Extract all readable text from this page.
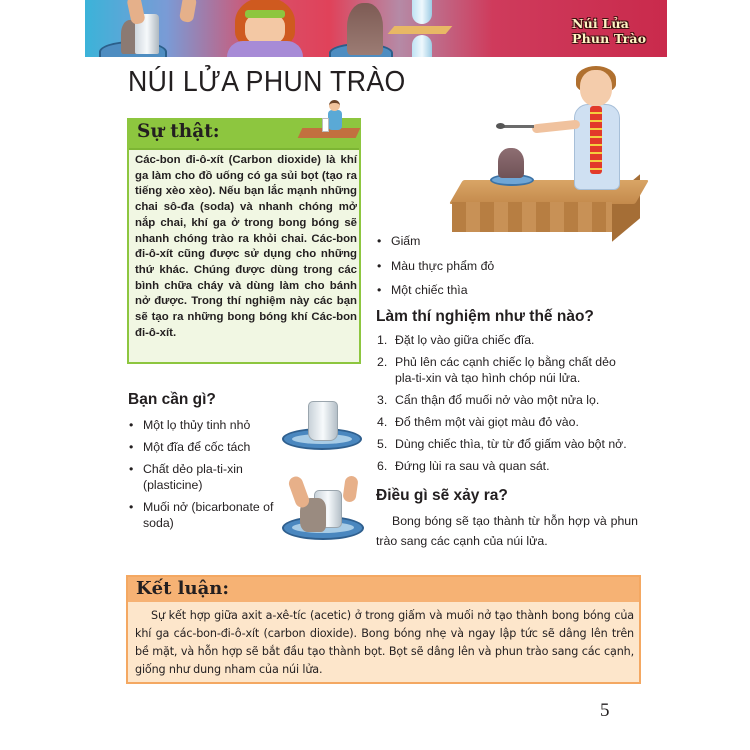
Núi Lửa Phun Trào
NÚI LỬA PHUN TRÀO
Sự thật:
Các-bon đi-ô-xít (Carbon dioxide) là khí ga làm cho đồ uống có ga sủi bọt (tạo ra tiếng xèo xèo). Nếu bạn lắc mạnh những chai sô-đa (soda) và nhanh chóng mở nắp chai, khí ga ở trong bong bóng sẽ nhanh chóng trào ra khỏi chai. Các-bon đi-ô-xít cũng được sử dụng cho những thứ khác. Chúng được dùng trong các bình chữa cháy và dùng làm cho bánh nở được. Trong thí nghiệm này các bạn sẽ tạo ra những bong bóng khí Các-bon đi-ô-xít.
Bạn cần gì?
• Một lọ thủy tinh nhỏ
• Một đĩa để cốc tách
• Chất dẻo pla-ti-xin (plasticine)
• Muối nở (bicarbonate of soda)
• Giấm
• Màu thực phẩm đỏ
• Một chiếc thìa
Làm thí nghiệm như thế nào?
1. Đặt lọ vào giữa chiếc đĩa.
2. Phủ lên các cạnh chiếc lọ bằng chất dẻo pla-ti-xin và tạo hình chóp núi lửa.
3. Cẩn thận đổ muối nở vào một nửa lọ.
4. Đổ thêm một vài giọt màu đỏ vào.
5. Dùng chiếc thìa, từ từ đổ giấm vào bột nở.
6. Đứng lùi ra sau và quan sát.
Điều gì sẽ xảy ra?

Bong bóng sẽ tạo thành từ hỗn hợp và phun trào sang các cạnh của núi lửa.

Kết luận:
Sự kết hợp giữa axit a-xê-tíc (acetic) ở trong giấm và muối nở tạo thành bong bóng của khí ga các-bon-đi-ô-xít (carbon dioxide). Bong bóng nhẹ và ngay lập tức sẽ dâng lên trên bề mặt, và hỗn hợp sẽ bắt đầu tạo thành bọt. Bọt sẽ dâng lên và phun trào sang các cạnh, giống như dung nham của núi lửa.
5
